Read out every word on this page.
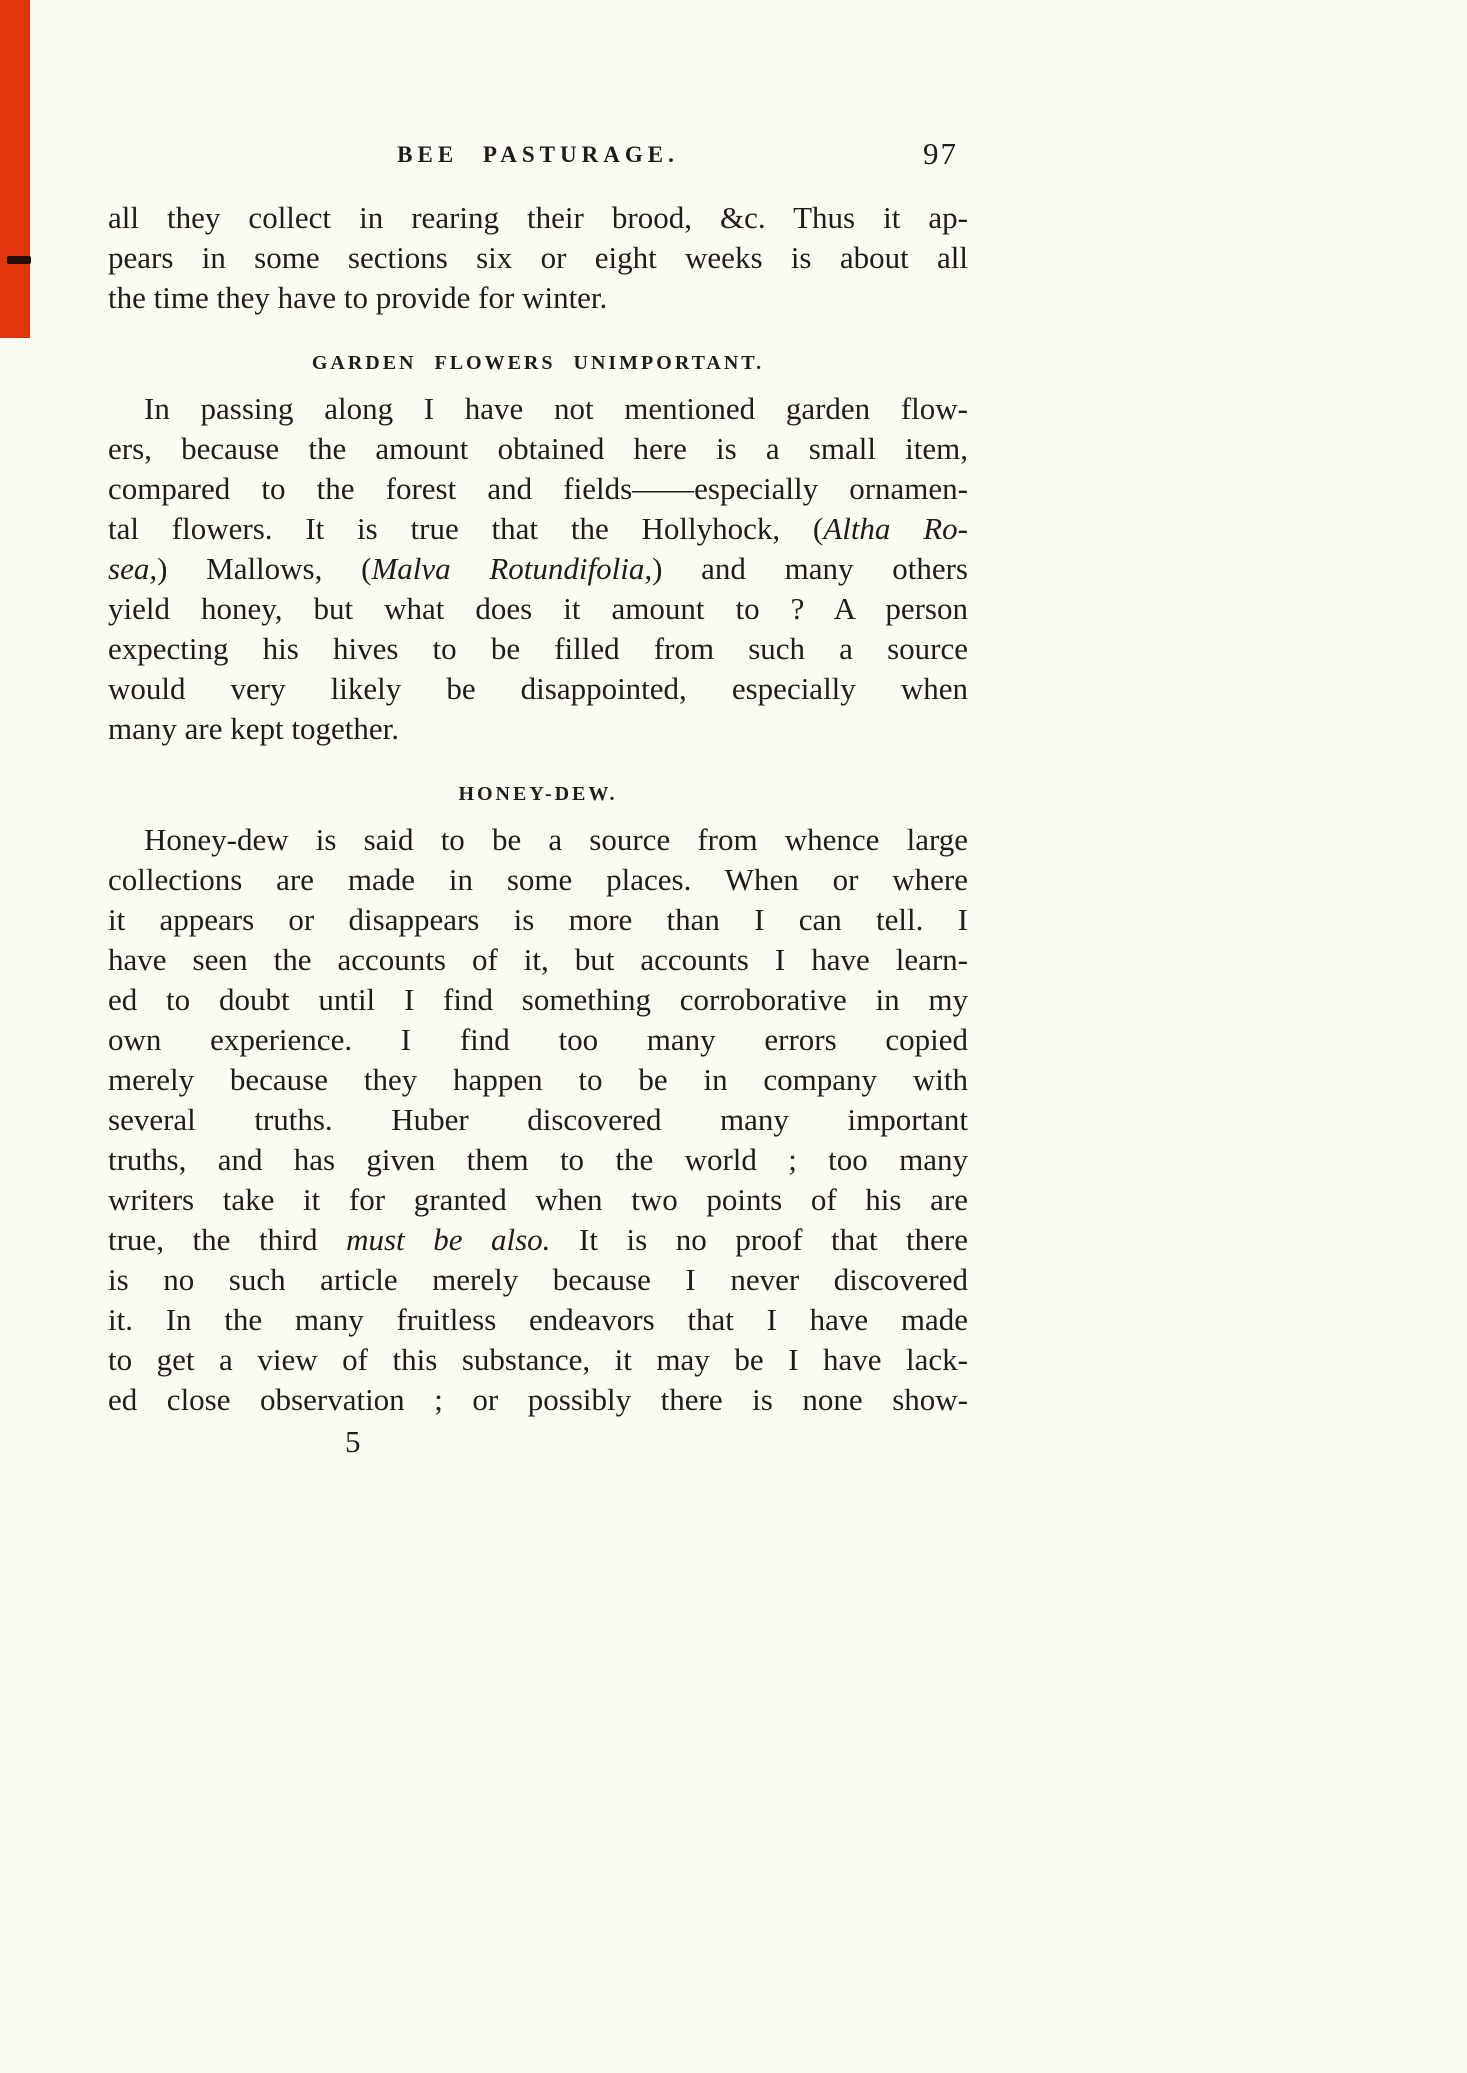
BEE PASTURAGE.	97
all they collect in rearing their brood, &c. Thus it ap-
pears in some sections six or eight weeks is about all
the time they have to provide for winter.
GARDEN FLOWERS UNIMPORTANT.
In passing along I have not mentioned garden flow-
ers, because the amount obtained here is a small item,
compared to the forest and fields——especially ornamen-
tal flowers. It is true that the Hollyhock, (Altha Ro-
sea,) Mallows, (Malva Rotundifolia,) and many others
yield honey, but what does it amount to ? A person
expecting his hives to be filled from such a source
would very likely be disappointed, especially when
many are kept together.
HONEY-DEW.
Honey-dew is said to be a source from whence large
collections are made in some places. When or where
it appears or disappears is more than I can tell. I
have seen the accounts of it, but accounts I have learn-
ed to doubt until I find something corroborative in my
own experience. I find too many errors copied
merely because they happen to be in company with
several truths. Huber discovered many important
truths, and has given them to the world ; too many
writers take it for granted when two points of his are
true, the third must be also. It is no proof that there
is no such article merely because I never discovered
it. In the many fruitless endeavors that I have made
to get a view of this substance, it may be I have lack-
ed close observation ; or possibly there is none show-
5
